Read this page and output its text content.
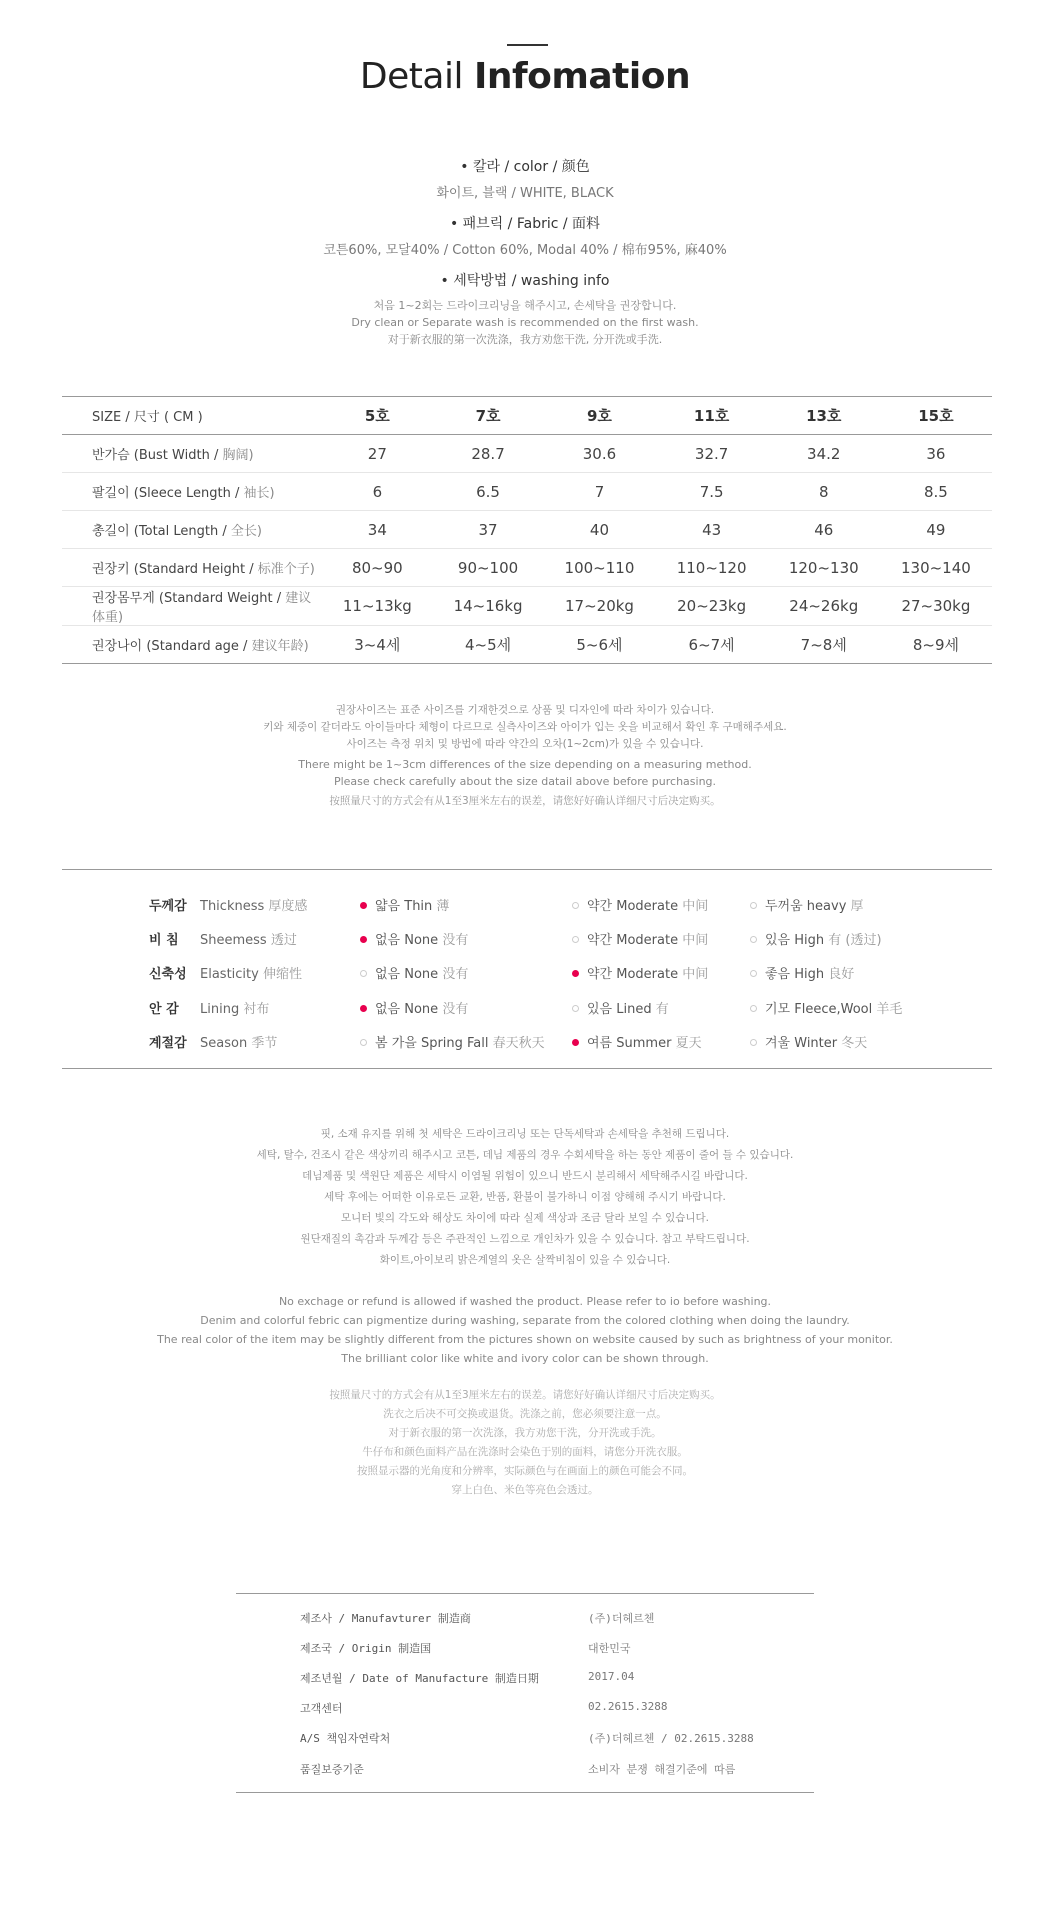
Detail Infomation
• 칼라 / color / 颜色
화이트, 블랙 / WHITE, BLACK
• 패브릭 / Fabric / 面料
코튼60%, 모달40% / Cotton 60%, Modal 40% / 棉布95%, 麻40%
• 세탁방법 / washing info
처음 1~2회는 드라이크리닝을 해주시고, 손세탁을 권장합니다.
Dry clean or Separate wash is recommended on the first wash.
对于新衣服的第一次洗涤，我方劝您干洗, 分开洗或手洗.
SIZE / 尺寸 ( CM )	5호	7호	9호	11호	13호	15호
반가슴 (Bust Width / 胸阔)	27	28.7	30.6	32.7	34.2	36
팔길이 (Sleece Length / 袖长)	6	6.5	7	7.5	8	8.5
총길이 (Total Length / 全长)	34	37	40	43	46	49
권장키 (Standard Height / 标准个子)	80~90	90~100	100~110	110~120	120~130	130~140
권장몸무게 (Standard Weight / 建议体重)	11~13kg	14~16kg	17~20kg	20~23kg	24~26kg	27~30kg
권장나이 (Standard age / 建议年龄)	3~4세	4~5세	5~6세	6~7세	7~8세	8~9세
권장사이즈는 표준 사이즈를 기재한것으로 상품 및 디자인에 따라 차이가 있습니다.
키와 체중이 같더라도 아이들마다 체형이 다르므로 실측사이즈와 아이가 입는 옷을 비교해서 확인 후 구매해주세요.
사이즈는 측정 위치 및 방법에 따라 약간의 오차(1~2cm)가 있을 수 있습니다.
There might be 1~3cm differences of the size depending on a measuring method.
Please check carefully about the size datail above before purchasing.
按照量尺寸的方式会有从1至3厘米左右的误差，请您好好确认详细尺寸后决定购买。
두께감 Thickness 厚度感	얇음 Thin 薄	약간 Moderate 中间	두꺼움 heavy 厚
비 침 Sheemess 透过	없음 None 没有	약간 Moderate 中间	있음 High 有 (透过)
신축성 Elasticity 伸缩性	없음 None 没有	약간 Moderate 中间	좋음 High 良好
안 감 Lining 衬布	없음 None 没有	있음 Lined 有	기모 Fleece,Wool 羊毛
계절감 Season 季节	봄 가을 Spring Fall 春天秋天	여름 Summer 夏天	겨울 Winter 冬天
핏, 소재 유지를 위해 첫 세탁은 드라이크리닝 또는 단독세탁과 손세탁을 추천해 드립니다.
세탁, 탈수, 건조시 같은 색상끼리 해주시고 코튼, 데님 제품의 경우 수회세탁을 하는 동안 제품이 줄어 들 수 있습니다.
데님제품 및 색원단 제품은 세탁시 이염될 위험이 있으니 반드시 분리해서 세탁해주시길 바랍니다.
세탁 후에는 어떠한 이유로든 교환, 반품, 환불이 불가하니 이점 양해해 주시기 바랍니다.
모니터 빛의 각도와 해상도 차이에 따라 실제 색상과 조금 달라 보일 수 있습니다.
원단재질의 촉감과 두께감 등은 주관적인 느낌으로 개인차가 있을 수 있습니다. 참고 부탁드립니다.
화이트,아이보리 밝은계열의 옷은 살짝비침이 있을 수 있습니다.
No exchage or refund is allowed if washed the product. Please refer to io before washing.
Denim and colorful febric can pigmentize during washing, separate from the colored clothing when doing the laundry.
The real color of the item may be slightly different from the pictures shown on website caused by such as brightness of your monitor.
The brilliant color like white and ivory color can be shown through.
按照量尺寸的方式会有从1至3厘米左右的误差。请您好好确认详细尺寸后决定购买。
洗衣之后决不可交换或退货。洗涤之前，您必须要注意一点。
对于新衣服的第一次洗涤，我方劝您干洗，分开洗或手洗。
牛仔布和颜色面料产品在洗涤时会染色于别的面料，请您分开洗衣服。
按照显示器的光角度和分辨率，实际颜色与在画面上的颜色可能会不同。
穿上白色、米色等亮色会透过。
제조사 / Manufavturer 制造商	(주)더헤르첸
제조국 / Origin 制造国	대한민국
제조년월 / Date of Manufacture 制造日期	2017.04
고객센터	02.2615.3288
A/S 책임자연락처	(주)더헤르첸 / 02.2615.3288
품질보증기준	소비자 분쟁 해결기준에 따름
